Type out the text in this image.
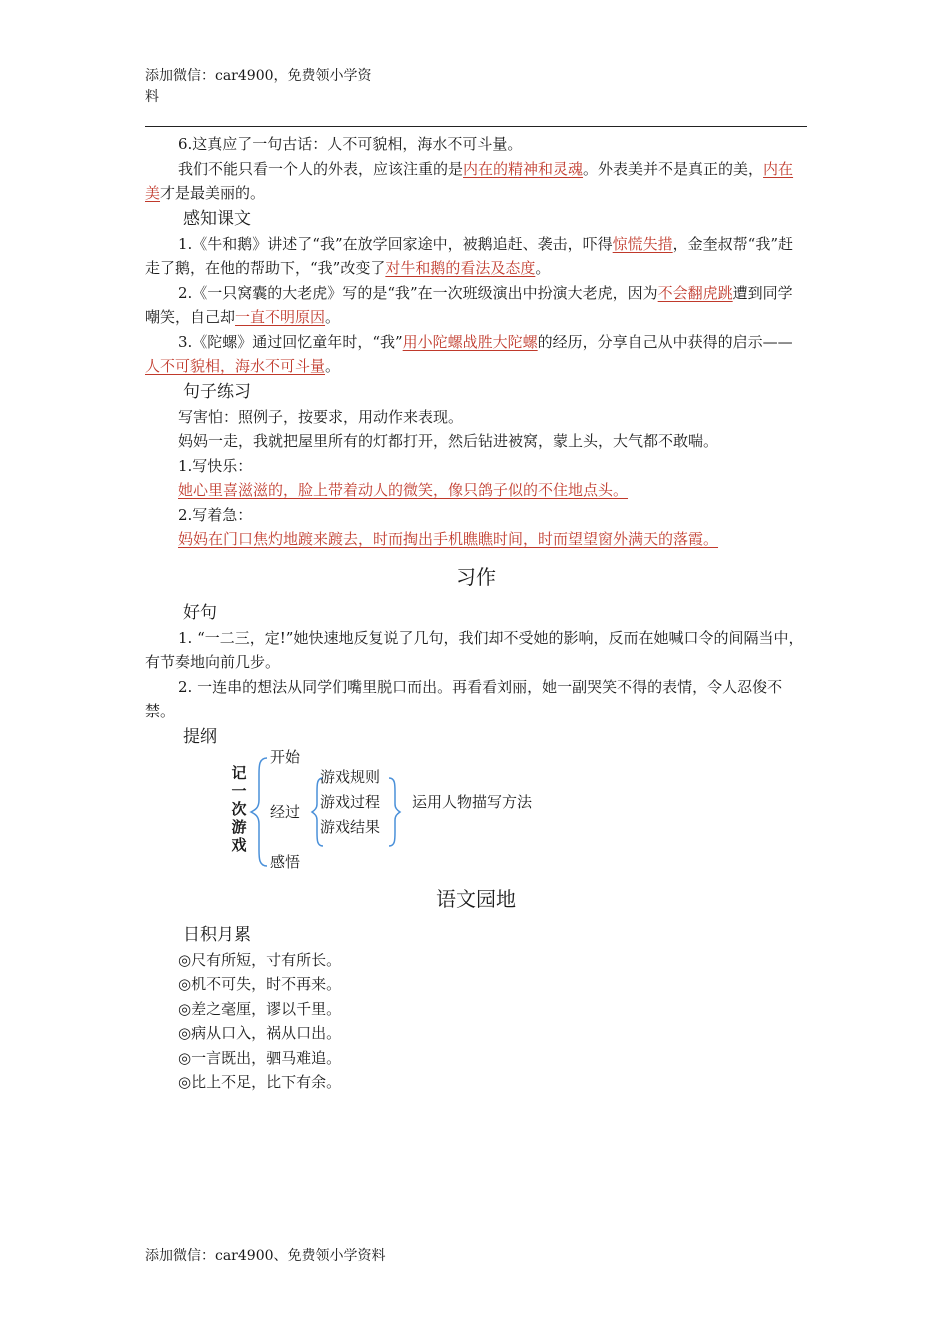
添加微信：car4900，免费领小学资
料

6.这真应了一句古话：人不可貌相，海水不可斗量。

我们不能只看一个人的外表，应该注重的是内在的精神和灵魂。外表美并不是真正的美，内在美才是最美丽的。

感知课文

1.《牛和鹅》讲述了“我”在放学回家途中，被鹅追赶、袭击，吓得惊慌失措，金奎叔帮“我”赶走了鹅，在他的帮助下，“我”改变了对牛和鹅的看法及态度。

2.《一只窝囊的大老虎》写的是“我”在一次班级演出中扮演大老虎，因为不会翻虎跳遭到同学嘲笑，自己却一直不明原因。

3.《陀螺》通过回忆童年时，“我”用小陀螺战胜大陀螺的经历，分享自己从中获得的启示——人不可貌相，海水不可斗量。

句子练习

写害怕：照例子，按要求，用动作来表现。

妈妈一走，我就把屋里所有的灯都打开，然后钻进被窝，蒙上头，大气都不敢喘。

1.写快乐：

她心里喜滋滋的，脸上带着动人的微笑，像只鸽子似的不住地点头。

2.写着急：

妈妈在门口焦灼地踱来踱去，时而掏出手机瞧瞧时间，时而望望窗外满天的落霞。

习作

好句

1. “一二三，定!”她快速地反复说了几句，我们却不受她的影响，反而在她喊口令的间隔当中，有节奏地向前几步。

2. 一连串的想法从同学们嘴里脱口而出。再看看刘丽，她一副哭笑不得的表情，令人忍俊不禁。

提纲

记
一
次
游
戏
开始
经过
游戏规则
游戏过程
游戏结果
运用人物描写方法
感悟

语文园地

日积月累

◎尺有所短，寸有所长。

◎机不可失，时不再来。

◎差之毫厘，谬以千里。

◎病从口入，祸从口出。

◎一言既出，驷马难追。

◎比上不足，比下有余。

添加微信：car4900、免费领小学资料
